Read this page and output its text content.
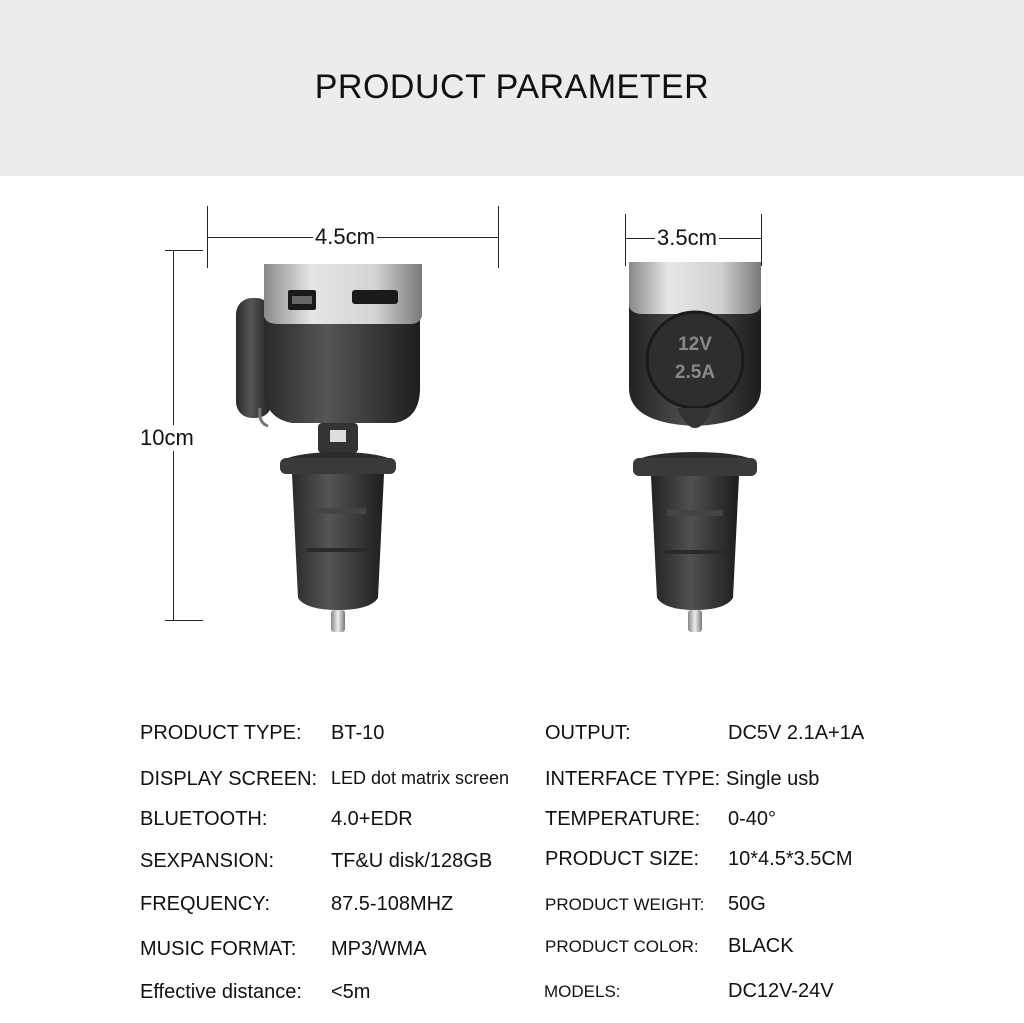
PRODUCT PARAMETER
4.5cm
10cm
3.5cm
12V
2.5A
PRODUCT TYPE: BT-10
DISPLAY SCREEN: LED dot matrix screen
BLUETOOTH:	4.0+EDR
SEXPANSION:	TF&U disk/128GB
FREQUENCY:	87.5-108MHZ
MUSIC FORMAT: MP3/WMA
Effective distance: <5m
OUTPUT:	DC5V 2.1A+1A
INTERFACE TYPE: Single usb
TEMPERATURE: 0-40°
PRODUCT SIZE: 10*4.5*3.5CM
PRODUCT WEIGHT: 50G
PRODUCT COLOR: BLACK
MODELS:	DC12V-24V
